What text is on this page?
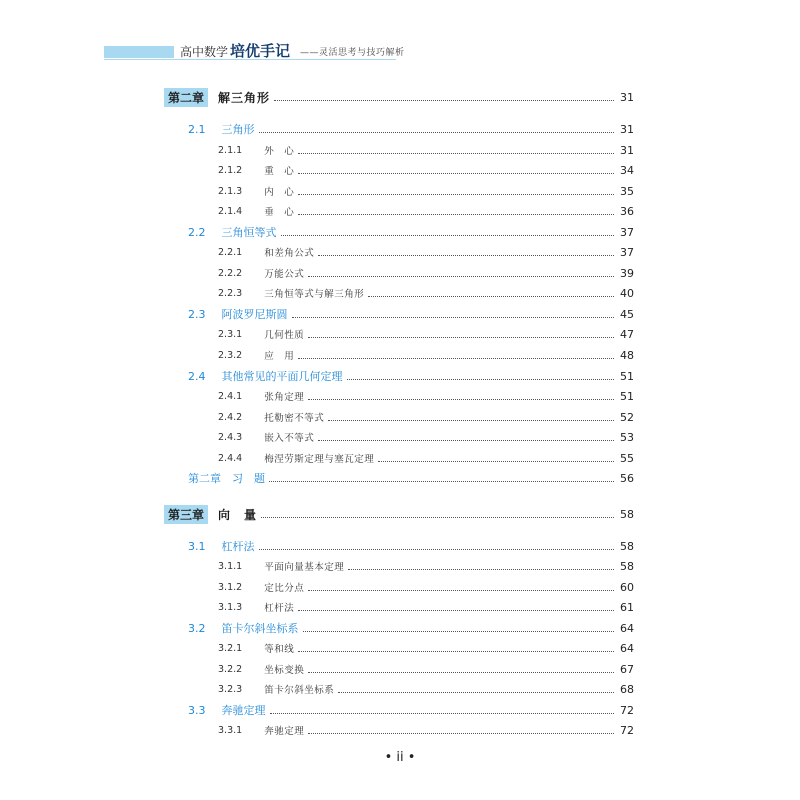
高中数学 培优手记 ——灵活思考与技巧解析
第二章	解三角形	31
2.1 三角形	31
2.1.1 外　心	31
2.1.2 重　心	34
2.1.3 内　心	35
2.1.4 垂　心	36
2.2 三角恒等式	37
2.2.1 和差角公式	37
2.2.2 万能公式	39
2.2.3 三角恒等式与解三角形	40
2.3 阿波罗尼斯圆	45
2.3.1 几何性质	47
2.3.2 应　用	48
2.4 其他常见的平面几何定理	51
2.4.1 张角定理	51
2.4.2 托勒密不等式	52
2.4.3 嵌入不等式	53
2.4.4 梅涅劳斯定理与塞瓦定理	55
第二章　习　题	56
第三章	向　量	58
3.1 杠杆法	58
3.1.1 平面向量基本定理	58
3.1.2 定比分点	60
3.1.3 杠杆法	61
3.2 笛卡尔斜坐标系	64
3.2.1 等和线	64
3.2.2 坐标变换	67
3.2.3 笛卡尔斜坐标系	68
3.3 奔驰定理	72
3.3.1 奔驰定理	72
• ii •
